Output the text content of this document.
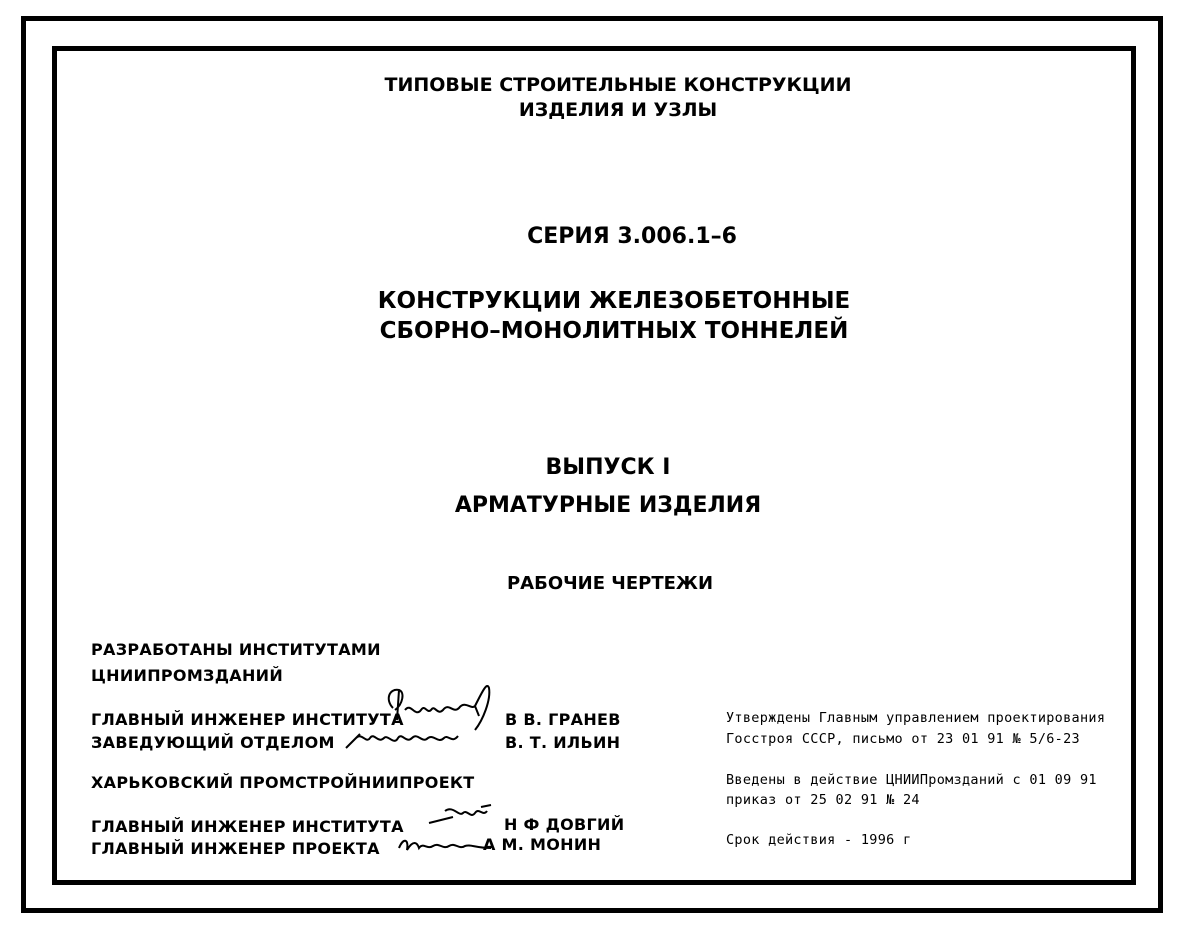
ТИПОВЫЕ СТРОИТЕЛЬНЫЕ КОНСТРУКЦИИ

ИЗДЕЛИЯ И УЗЛЫ

СЕРИЯ 3.006.1–6

КОНСТРУКЦИИ ЖЕЛЕЗОБЕТОННЫЕ

СБОРНО–МОНОЛИТНЫХ ТОННЕЛЕЙ

ВЫПУСК I

АРМАТУРНЫЕ ИЗДЕЛИЯ

РАБОЧИЕ ЧЕРТЕЖИ

РАЗРАБОТАНЫ ИНСТИТУТАМИ

ЦНИИПРОМЗДАНИЙ

ГЛАВНЫЙ ИНЖЕНЕР ИНСТИТУТА	В В. ГРАНЕВ

ЗАВЕДУЮЩИЙ ОТДЕЛОМ	В. Т. ИЛЬИН

ХАРЬКОВСКИЙ ПРОМСТРОЙНИИПРОЕКТ

ГЛАВНЫЙ ИНЖЕНЕР ИНСТИТУТА	Н Ф ДОВГИЙ

ГЛАВНЫЙ ИНЖЕНЕР ПРОЕКТА	А М. МОНИН

Утверждены Главным управлением проектирования

Госстроя СССР, письмо от 23 01 91 № 5/6-23

Введены в действие ЦНИИПромзданий с 01 09 91

приказ от 25 02 91 № 24

Срок действия - 1996 г
